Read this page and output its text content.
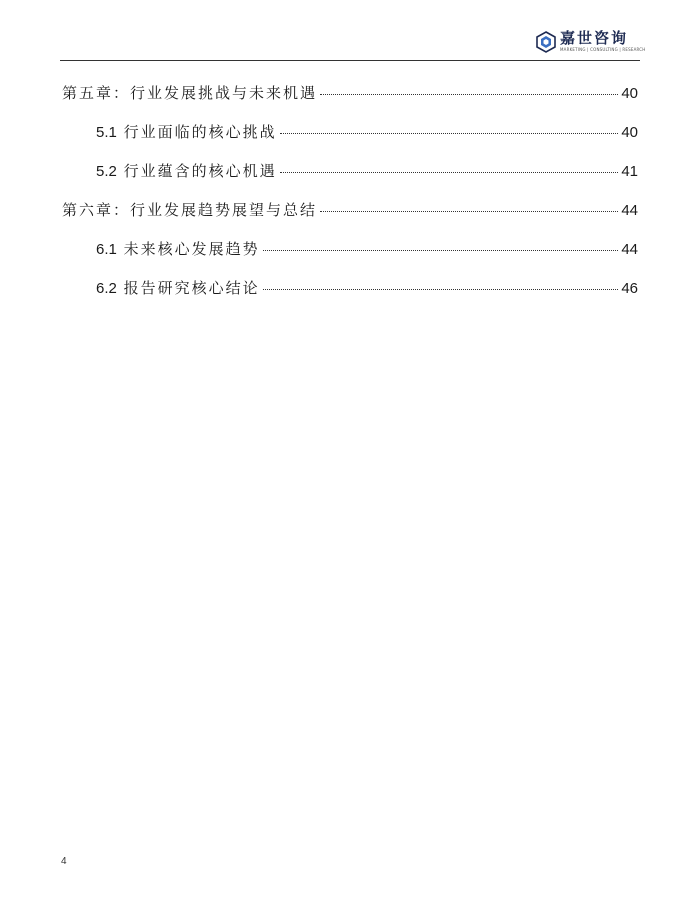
嘉世咨询
MARKETING | CONSULTING | RESEARCH
第五章：行业发展挑战与未来机遇	40
5.1 行业面临的核心挑战	40
5.2 行业蕴含的核心机遇	41
第六章：行业发展趋势展望与总结	44
6.1 未来核心发展趋势	44
6.2 报告研究核心结论	46
4
